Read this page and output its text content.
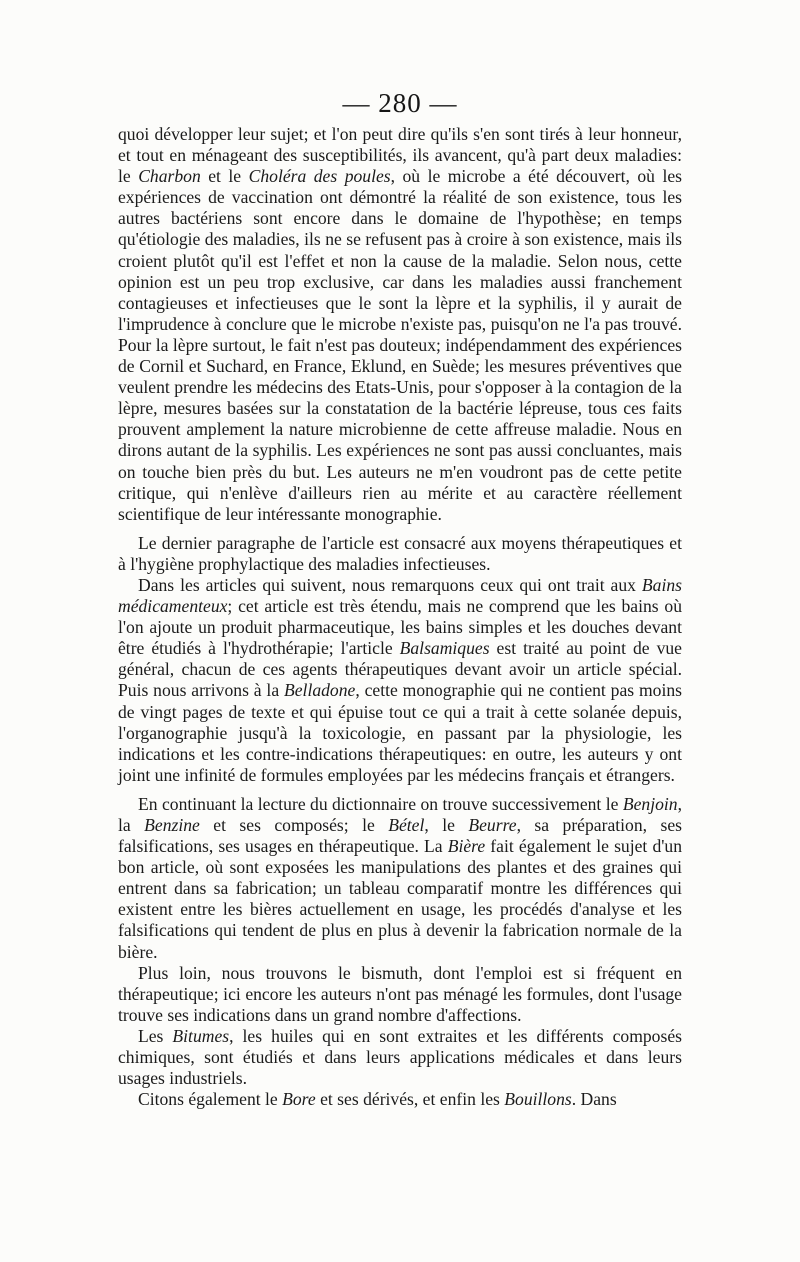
— 280 —

quoi développer leur sujet; et l'on peut dire qu'ils s'en sont tirés à leur honneur, et tout en ménageant des susceptibilités, ils avancent, qu'à part deux maladies: le Charbon et le Choléra des poules, où le microbe a été découvert, où les expériences de vaccination ont démontré la réalité de son existence, tous les autres bactériens sont encore dans le domaine de l'hypothèse; en temps qu'étiologie des maladies, ils ne se refusent pas à croire à son existence, mais ils croient plutôt qu'il est l'effet et non la cause de la maladie. Selon nous, cette opinion est un peu trop exclusive, car dans les maladies aussi franchement contagieuses et infectieuses que le sont la lèpre et la syphilis, il y aurait de l'imprudence à conclure que le microbe n'existe pas, puisqu'on ne l'a pas trouvé. Pour la lèpre surtout, le fait n'est pas douteux; indépendamment des expériences de Cornil et Suchard, en France, Eklund, en Suède; les mesures préventives que veulent prendre les médecins des Etats-Unis, pour s'opposer à la contagion de la lèpre, mesures basées sur la constatation de la bactérie lépreuse, tous ces faits prouvent amplement la nature microbienne de cette affreuse maladie. Nous en dirons autant de la syphilis. Les expériences ne sont pas aussi concluantes, mais on touche bien près du but. Les auteurs ne m'en voudront pas de cette petite critique, qui n'enlève d'ailleurs rien au mérite et au caractère réellement scientifique de leur intéressante monographie.

Le dernier paragraphe de l'article est consacré aux moyens thérapeutiques et à l'hygiène prophylactique des maladies infectieuses.

Dans les articles qui suivent, nous remarquons ceux qui ont trait aux Bains médicamenteux; cet article est très étendu, mais ne comprend que les bains où l'on ajoute un produit pharmaceutique, les bains simples et les douches devant être étudiés à l'hydrothérapie; l'article Balsamiques est traité au point de vue général, chacun de ces agents thérapeutiques devant avoir un article spécial. Puis nous arrivons à la Belladone, cette monographie qui ne contient pas moins de vingt pages de texte et qui épuise tout ce qui a trait à cette solanée depuis, l'organographie jusqu'à la toxicologie, en passant par la physiologie, les indications et les contre-indications thérapeutiques: en outre, les auteurs y ont joint une infinité de formules employées par les médecins français et étrangers.

En continuant la lecture du dictionnaire on trouve successivement le Benjoin, la Benzine et ses composés; le Bétel, le Beurre, sa préparation, ses falsifications, ses usages en thérapeutique. La Bière fait également le sujet d'un bon article, où sont exposées les manipulations des plantes et des graines qui entrent dans sa fabrication; un tableau comparatif montre les différences qui existent entre les bières actuellement en usage, les procédés d'analyse et les falsifications qui tendent de plus en plus à devenir la fabrication normale de la bière.

Plus loin, nous trouvons le bismuth, dont l'emploi est si fréquent en thérapeutique; ici encore les auteurs n'ont pas ménagé les formules, dont l'usage trouve ses indications dans un grand nombre d'affections.

Les Bitumes, les huiles qui en sont extraites et les différents composés chimiques, sont étudiés et dans leurs applications médicales et dans leurs usages industriels.

Citons également le Bore et ses dérivés, et enfin les Bouillons. Dans
